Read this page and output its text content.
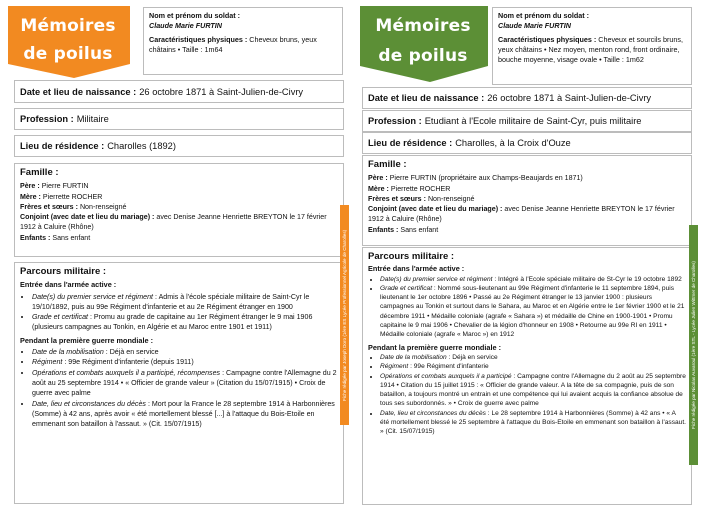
Mémoires
de poilus
Nom et prénom du soldat :
Claude Marie FURTIN
Caractéristiques physiques : Cheveux bruns, yeux châtains • Taille : 1m64
Date et lieu de naissance : 26 octobre 1871 à Saint-Julien-de-Civry
Profession : Militaire
Lieu de résidence : Charolles (1892)
Famille :
Père : Pierre FURTIN
Mère : Pierrette ROCHER
Frères et sœurs : Non-renseigné
Conjoint (avec date et lieu du mariage) : avec Denise Jeanne Henriette BREYTON le 17 février 1912 à Caluire (Rhône)
Enfants : Sans enfant
Parcours militaire :
Entrée dans l'armée active :
• Date(s) du premier service et régiment : Admis à l'école spéciale militaire de Saint-Cyr le 19/10/1892, puis au 99e Régiment d'infanterie et au 2e Régiment étranger en 1900
• Grade et certificat : Promu au grade de capitaine au 1er Régiment étranger le 9 mai 1906 (plusieurs campagnes au Tonkin, en Algérie et au Maroc entre 1901 et 1911)
Pendant la première guerre mondiale :
• Date de la mobilisation : Déjà en service
• Régiment : 99e Régiment d'infanterie (depuis 1911)
• Opérations et combats auxquels il a participé, récompenses : Campagne contre l'Allemagne du 2 août au 25 septembre 1914 • « Officier de grande valeur » (Citation du 15/07/1915) • Croix de guerre avec palme
• Date, lieu et circonstances du décès : Mort pour la France le 28 septembre 1914 à Harbonnières (Somme) à 42 ans, après avoir « été mortellement blessé [...] à l'attaque du Bois-Etoile en emmenant son bataillon à l'assaut. » (Cit. 15/07/1915)
Fiche rédigée par Joseph Doro (1ère ES Lycée Professionnel Agricole de Charolles)
Mémoires
de poilus
Nom et prénom du soldat :
Claude Marie FURTIN
Caractéristiques physiques : Cheveux et sourcils bruns, yeux châtains • Nez moyen, menton rond, front ordinaire, bouche moyenne, visage ovale • Taille : 1m62
Date et lieu de naissance : 26 octobre 1871 à Saint-Julien-de-Civry
Profession : Etudiant à l'Ecole militaire de Saint-Cyr, puis militaire
Lieu de résidence : Charolles, à la Croix d'Ouze
Famille :
Père : Pierre FURTIN (propriétaire aux Champs-Beaujards en 1871)
Mère : Pierrette ROCHER
Frères et sœurs : Non-renseigné
Conjoint (avec date et lieu du mariage) : avec Denise Jeanne Henriette BREYTON le 17 février 1912 à Caluire (Rhône)
Enfants : Sans enfant
Parcours militaire :
Entrée dans l'armée active :
• Date(s) du premier service et régiment : Intégré à l'Ecole spéciale militaire de St-Cyr le 19 octobre 1892
• Grade et certificat : Nommé sous-lieutenant au 99e Régiment d'infanterie le 11 septembre 1894, puis lieutenant le 1er octobre 1896 • Passé au 2e Régiment étranger le 13 janvier 1900 : plusieurs campagnes au Tonkin et surtout dans le Sahara, au Maroc et en Algérie entre le 1er février 1900 et le 21 décembre 1911 • Médaille coloniale (agrafe « Sahara ») et médaille de Chine en 1900-1901 • Promu capitaine le 9 mai 1906 • Chevalier de la légion d'honneur en 1908 • Retourne au 99e RI en 1911 • Médaille coloniale (agrafe « Maroc ») en 1912
Pendant la première guerre mondiale :
• Date de la mobilisation : Déjà en service
• Régiment : 99e Régiment d'infanterie
• Opérations et combats auxquels il a participé : Campagne contre l'Allemagne du 2 août au 25 septembre 1914 • Citation du 15 juillet 1915 : « Officier de grande valeur. A la tête de sa compagnie, puis de son bataillon, a toujours montré un entrain et une compétence qui lui avaient acquis la confiance absolue de tous ses subordonnés. » • Croix de guerre avec palme
• Date, lieu et circonstances du décès : Le 28 septembre 1914 à Harbonnières (Somme) à 42 ans • « A été mortellement blessé le 25 septembre à l'attaque du Bois-Etoile en emmenant son bataillon à l'assaut. » (Cit. 15/07/1915)
Fiche rédigée par Nicolas Auvaroul (1ère STL - Lycée Julien Wittmer de Charolles)
